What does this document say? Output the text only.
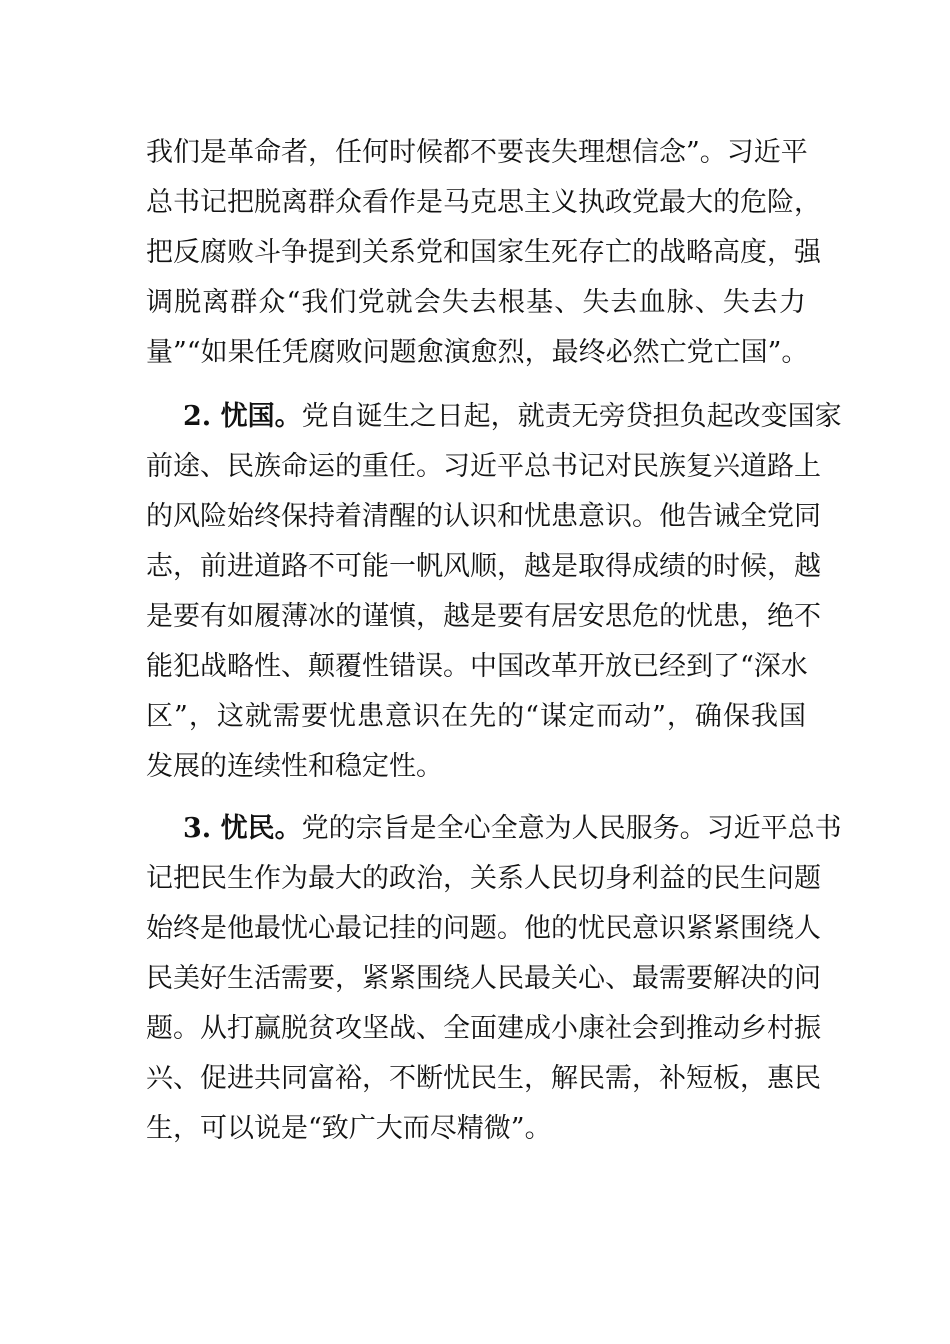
我们是革命者，任何时候都不要丧失理想信念”。习近平
总书记把脱离群众看作是马克思主义执政党最大的危险，
把反腐败斗争提到关系党和国家生死存亡的战略高度，强
调脱离群众“我们党就会失去根基、失去血脉、失去力
量”“如果任凭腐败问题愈演愈烈，最终必然亡党亡国”。
2. 忧国。党自诞生之日起，就责无旁贷担负起改变国家
前途、民族命运的重任。习近平总书记对民族复兴道路上
的风险始终保持着清醒的认识和忧患意识。他告诫全党同
志，前进道路不可能一帆风顺，越是取得成绩的时候，越
是要有如履薄冰的谨慎，越是要有居安思危的忧患，绝不
能犯战略性、颠覆性错误。中国改革开放已经到了“深水
区”，这就需要忧患意识在先的“谋定而动”，确保我国
发展的连续性和稳定性。
3. 忧民。党的宗旨是全心全意为人民服务。习近平总书
记把民生作为最大的政治，关系人民切身利益的民生问题
始终是他最忧心最记挂的问题。他的忧民意识紧紧围绕人
民美好生活需要，紧紧围绕人民最关心、最需要解决的问
题。从打赢脱贫攻坚战、全面建成小康社会到推动乡村振
兴、促进共同富裕，不断忧民生，解民需，补短板，惠民
生，可以说是“致广大而尽精微”。
